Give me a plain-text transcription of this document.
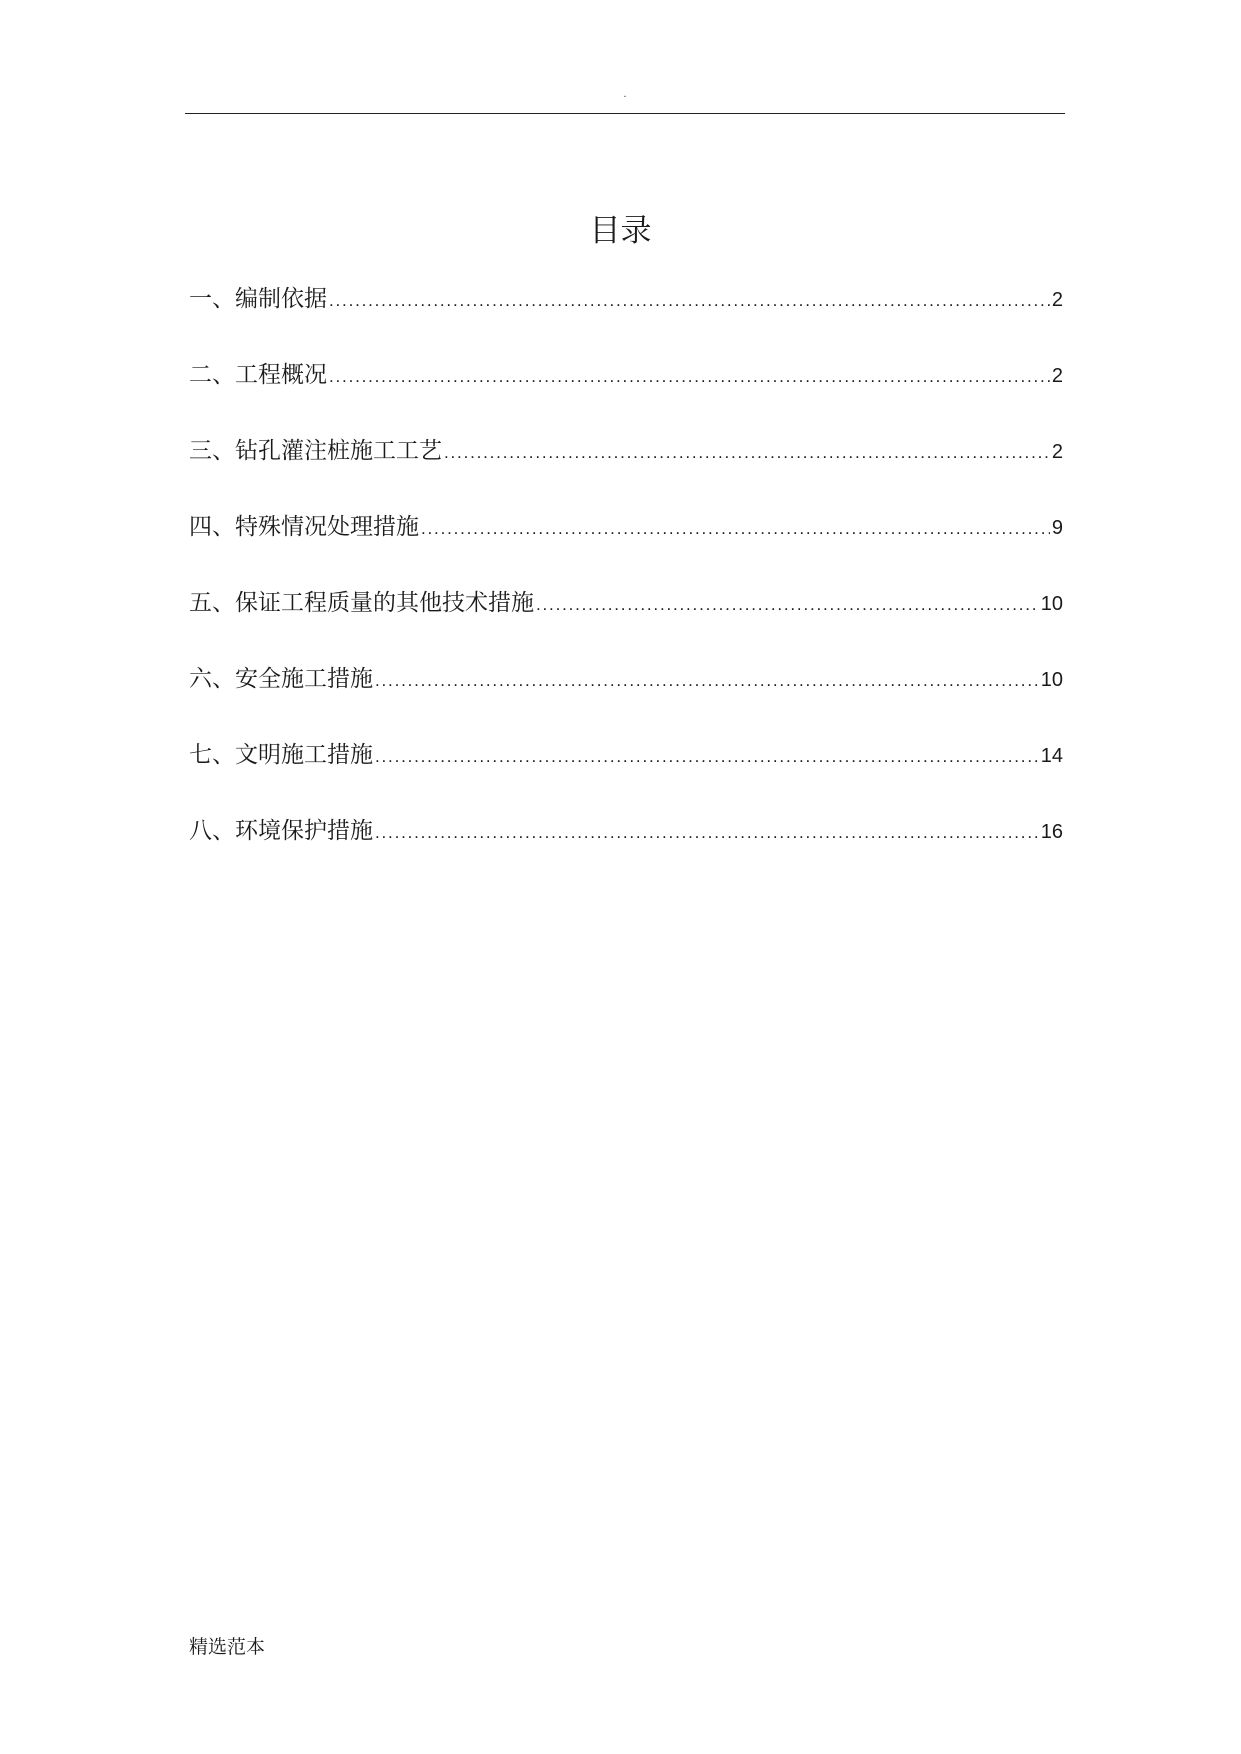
.
目录
一、编制依据 .....	2
二、工程概况 .....	2
三、钻孔灌注桩施工工艺 .....	2
四、特殊情况处理措施 .....	9
五、保证工程质量的其他技术措施 .....	10
六、安全施工措施 .....	10
七、文明施工措施 .....	14
八、环境保护措施 .....	16
精选范本
